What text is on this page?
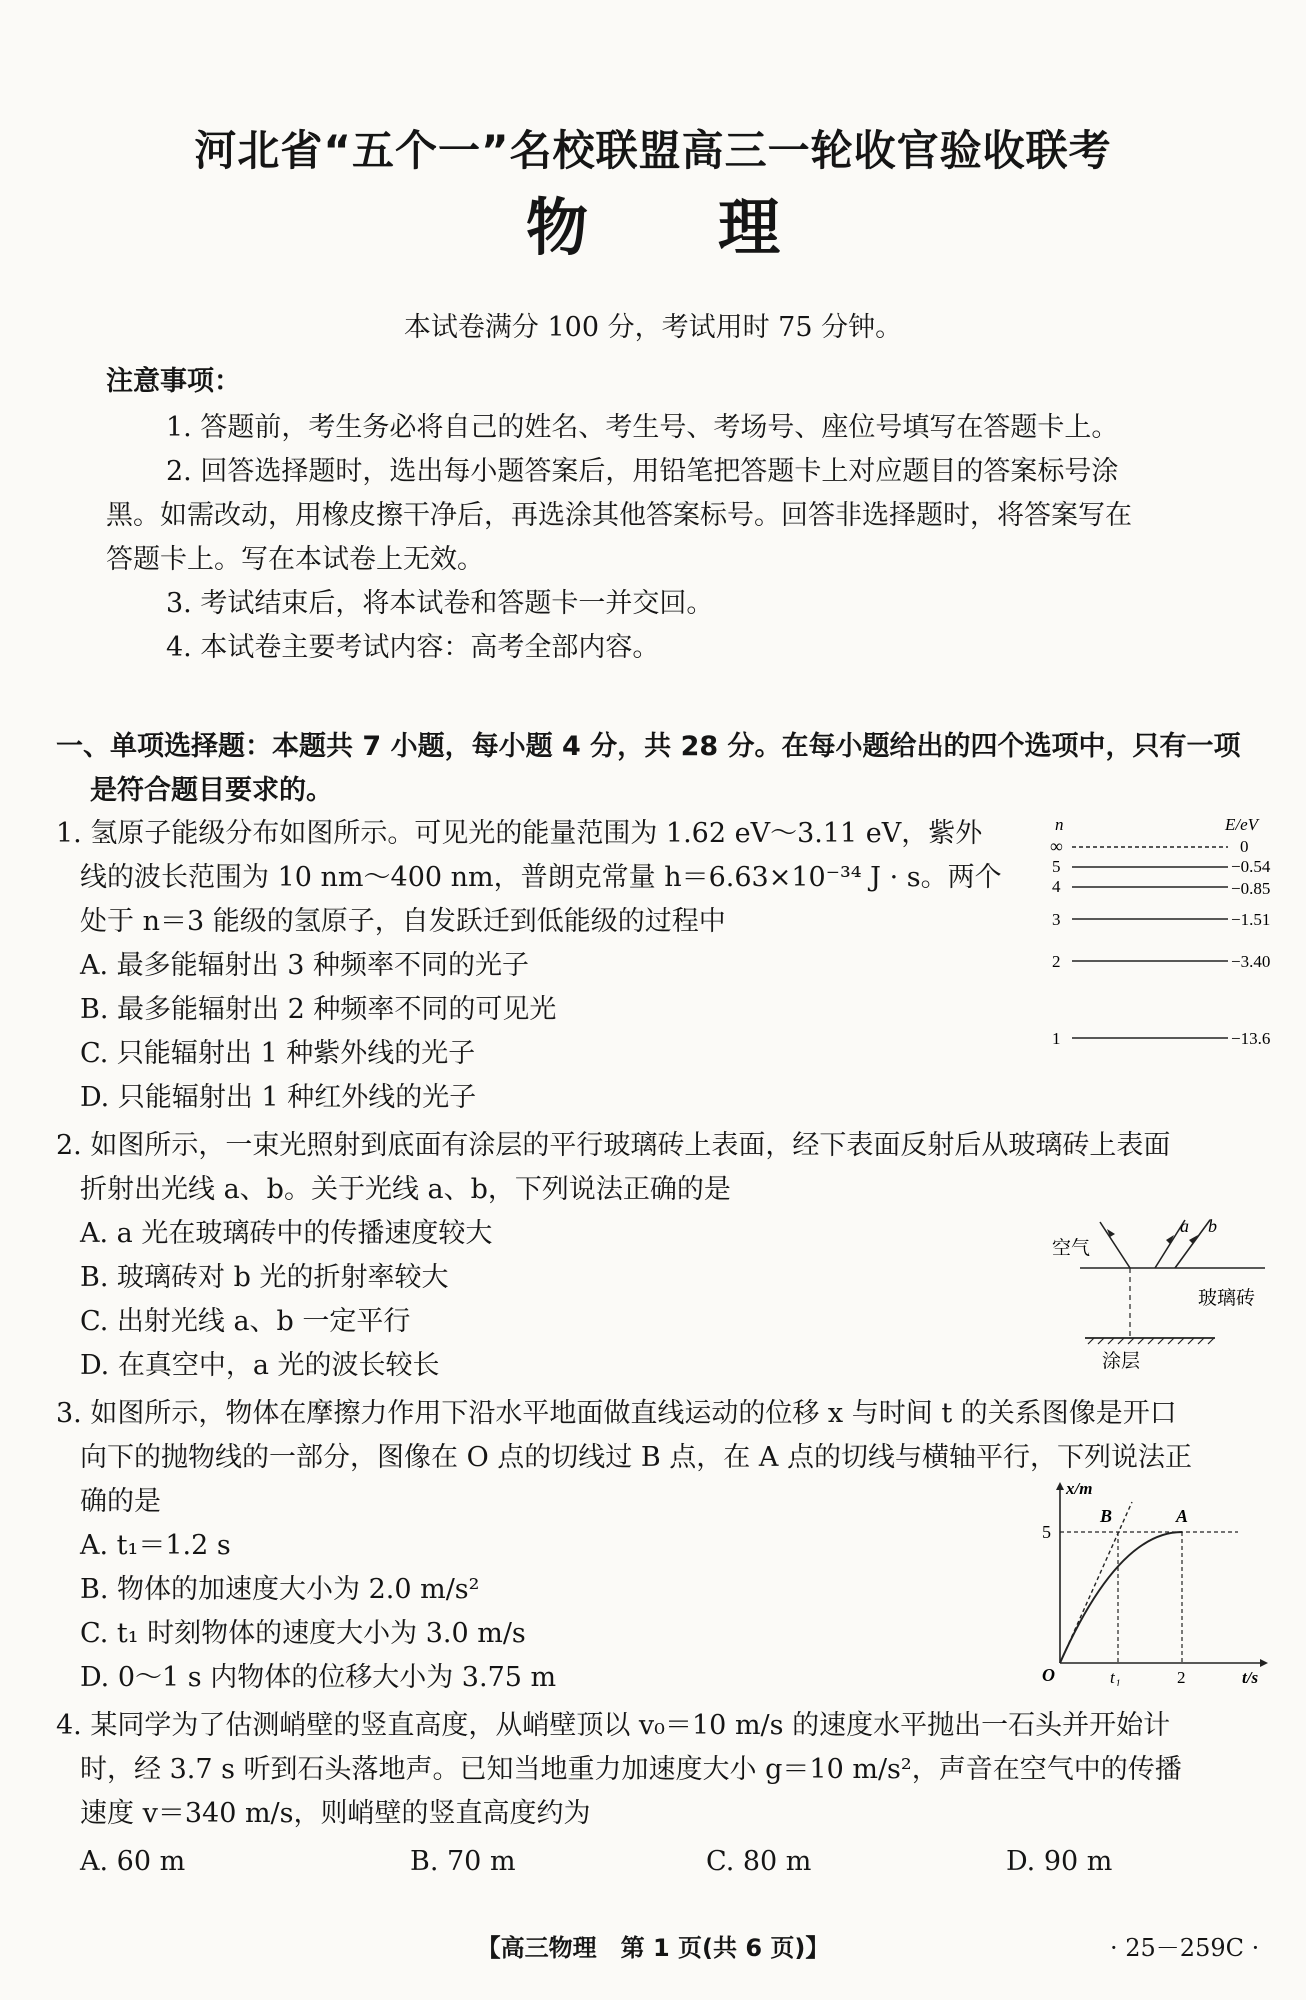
河北省“五个一”名校联盟高三一轮收官验收联考
物理
本试卷满分 100 分，考试用时 75 分钟。
注意事项：
1. 答题前，考生务必将自己的姓名、考生号、考场号、座位号填写在答题卡上。
2. 回答选择题时，选出每小题答案后，用铅笔把答题卡上对应题目的答案标号涂
黑。如需改动，用橡皮擦干净后，再选涂其他答案标号。回答非选择题时，将答案写在
答题卡上。写在本试卷上无效。
3. 考试结束后，将本试卷和答题卡一并交回。
4. 本试卷主要考试内容：高考全部内容。
一、单项选择题：本题共 7 小题，每小题 4 分，共 28 分。在每小题给出的四个选项中，只有一项
是符合题目要求的。
1. 氢原子能级分布如图所示。可见光的能量范围为 1.62 eV～3.11 eV，紫外
线的波长范围为 10 nm～400 nm，普朗克常量 h＝6.63×10⁻³⁴ J · s。两个
处于 n＝3 能级的氢原子，自发跃迁到低能级的过程中
A. 最多能辐射出 3 种频率不同的光子
B. 最多能辐射出 2 种频率不同的可见光
C. 只能辐射出 1 种紫外线的光子
D. 只能辐射出 1 种红外线的光子
n	E/eV
∞	0
5	−0.54
4	−0.85
3	−1.51
2	−3.40
1	−13.6
2. 如图所示，一束光照射到底面有涂层的平行玻璃砖上表面，经下表面反射后从玻璃砖上表面
折射出光线 a、b。关于光线 a、b，下列说法正确的是
A. a 光在玻璃砖中的传播速度较大
B. 玻璃砖对 b 光的折射率较大
C. 出射光线 a、b 一定平行
D. 在真空中，a 光的波长较长
空气
a b
玻璃砖
涂层
3. 如图所示，物体在摩擦力作用下沿水平地面做直线运动的位移 x 与时间 t 的关系图像是开口
向下的抛物线的一部分，图像在 O 点的切线过 B 点，在 A 点的切线与横轴平行，下列说法正
确的是
A. t₁＝1.2 s
B. 物体的加速度大小为 2.0 m/s²
C. t₁ 时刻物体的速度大小为 3.0 m/s
D. 0～1 s 内物体的位移大小为 3.75 m
x/m
t/s
O
5
B	A
t₁	2
4. 某同学为了估测峭壁的竖直高度，从峭壁顶以 v₀＝10 m/s 的速度水平抛出一石头并开始计
时，经 3.7 s 听到石头落地声。已知当地重力加速度大小 g＝10 m/s²，声音在空气中的传播
速度 v＝340 m/s，则峭壁的竖直高度约为
A. 60 m	B. 70 m	C. 80 m	D. 90 m
【高三物理　第 1 页(共 6 页)】	· 25－259C ·
